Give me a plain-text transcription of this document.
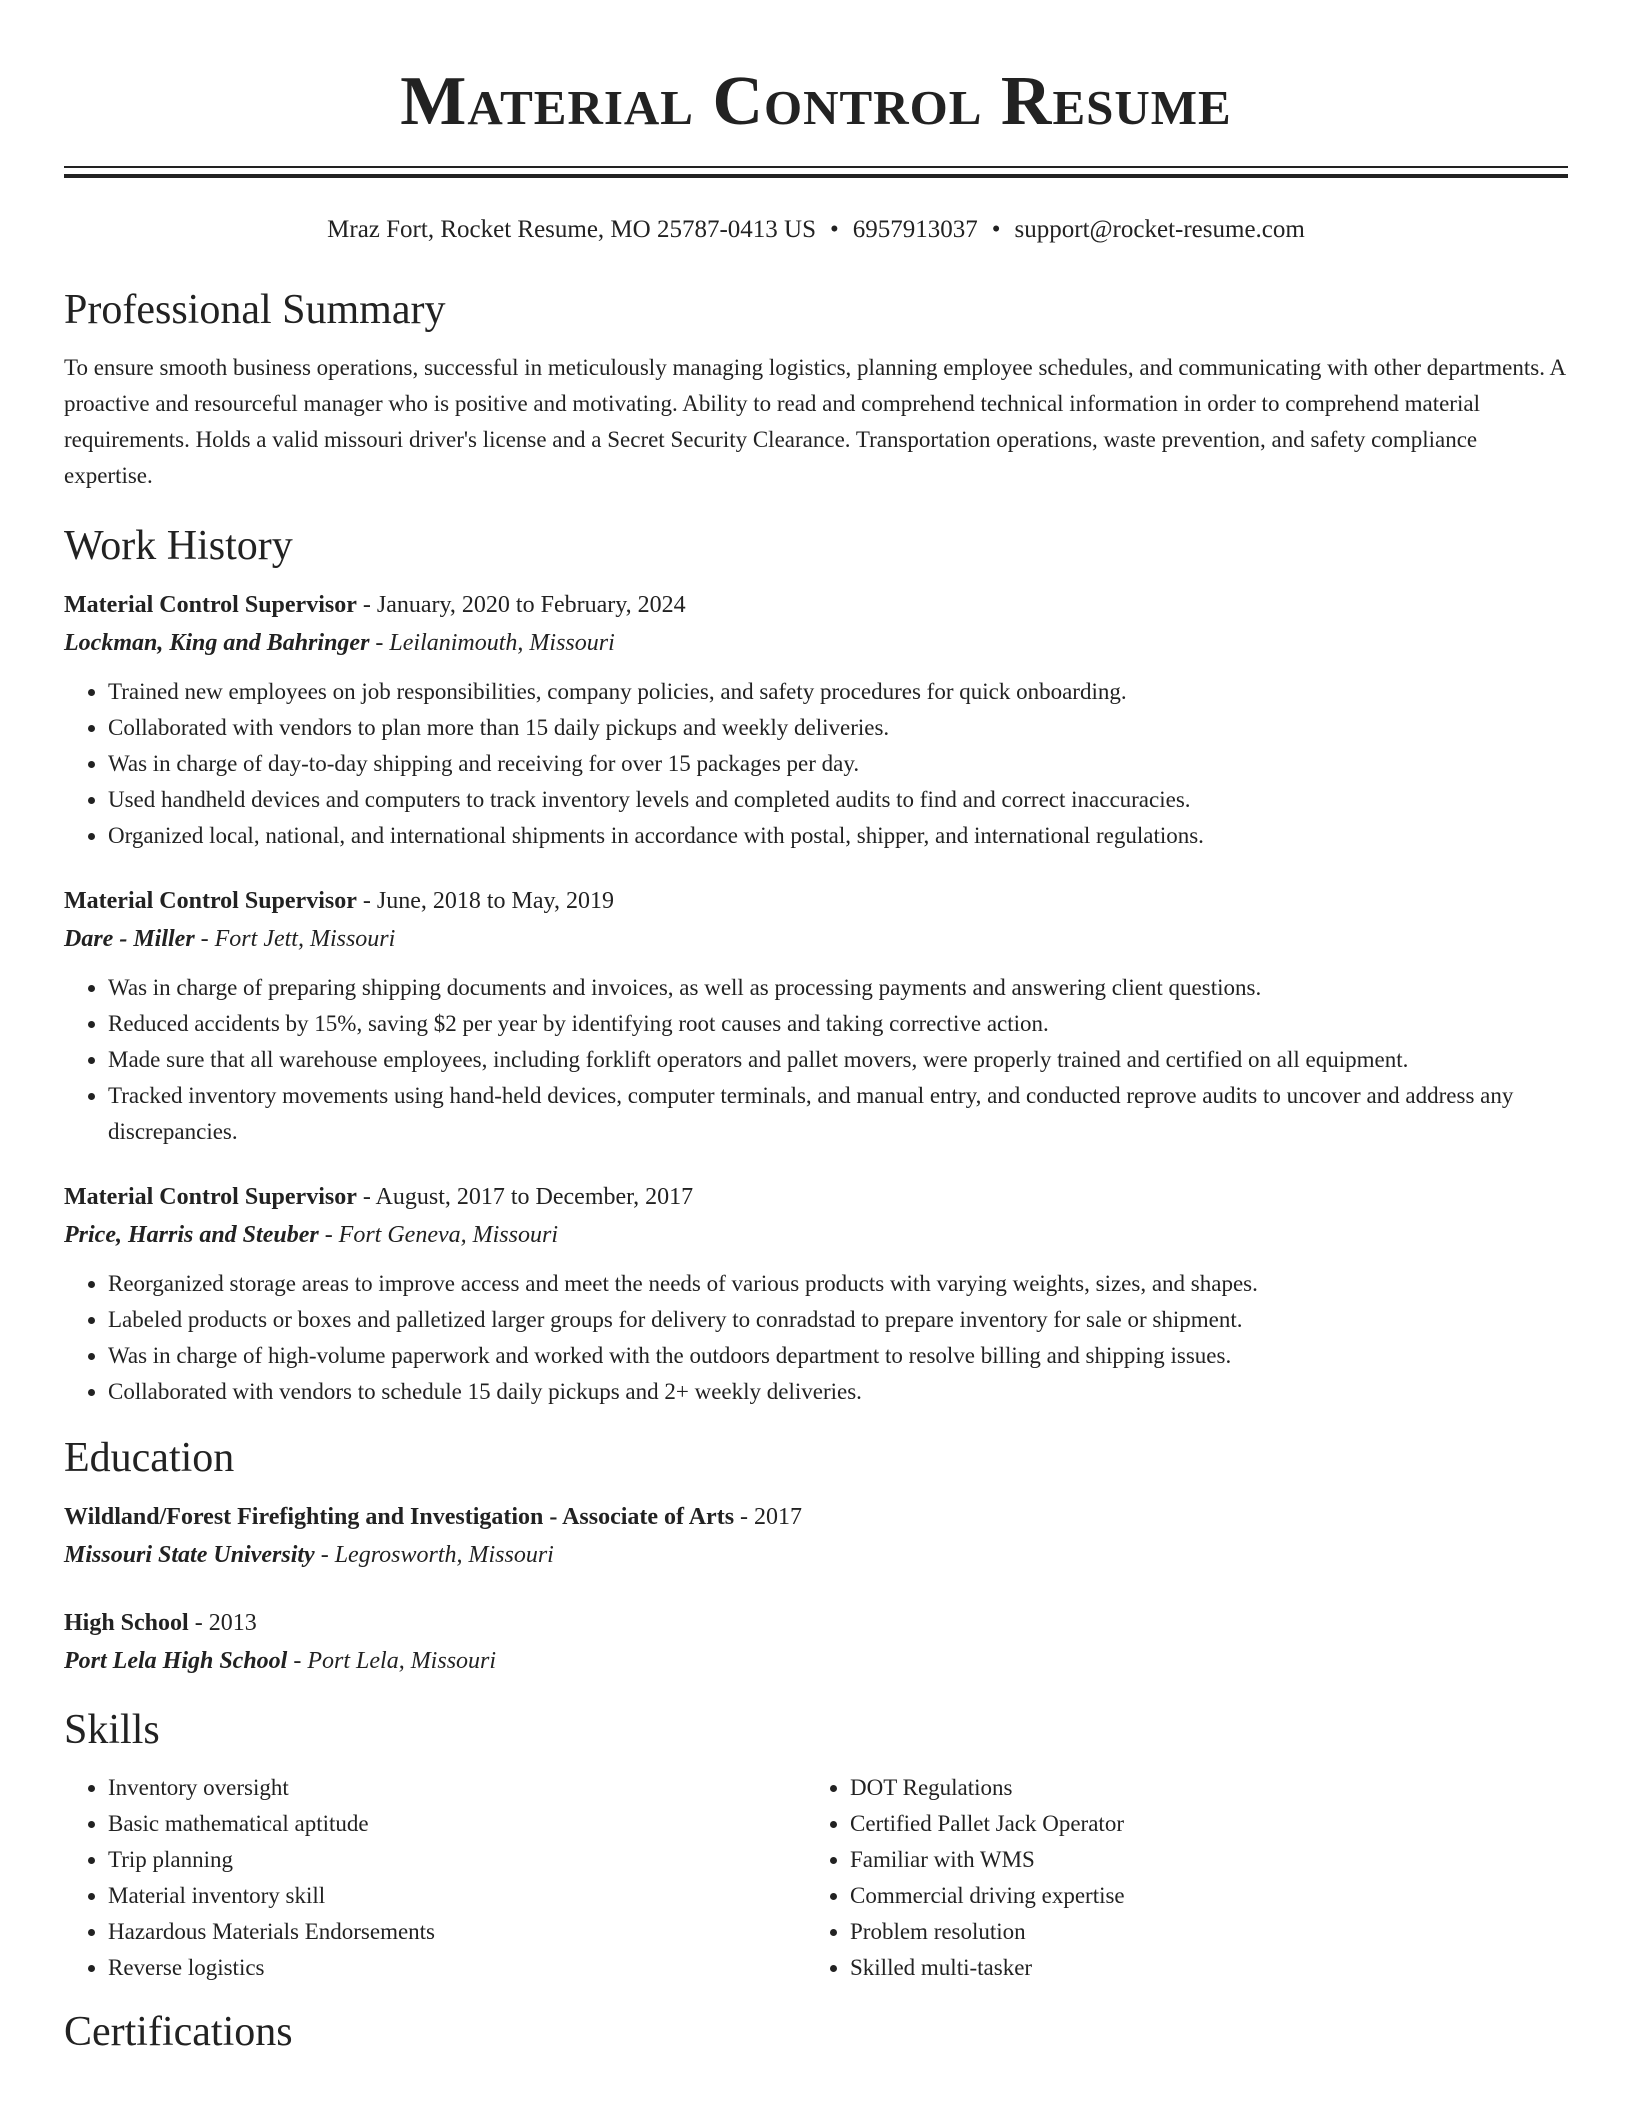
Material Control Resume
Mraz Fort, Rocket Resume, MO 25787-0413 US • 6957913037 • support@rocket-resume.com
Professional Summary

To ensure smooth business operations, successful in meticulously managing logistics, planning employee schedules, and communicating with other departments. A proactive and resourceful manager who is positive and motivating. Ability to read and comprehend technical information in order to comprehend material requirements. Holds a valid missouri driver's license and a Secret Security Clearance. Transportation operations, waste prevention, and safety compliance expertise.

Work History
Material Control Supervisor - January, 2020 to February, 2024
Lockman, King and Bahringer - Leilanimouth, Missouri
• Trained new employees on job responsibilities, company policies, and safety procedures for quick onboarding.
• Collaborated with vendors to plan more than 15 daily pickups and weekly deliveries.
• Was in charge of day-to-day shipping and receiving for over 15 packages per day.
• Used handheld devices and computers to track inventory levels and completed audits to find and correct inaccuracies.
• Organized local, national, and international shipments in accordance with postal, shipper, and international regulations.
Material Control Supervisor - June, 2018 to May, 2019
Dare - Miller - Fort Jett, Missouri
• Was in charge of preparing shipping documents and invoices, as well as processing payments and answering client questions.
• Reduced accidents by 15%, saving $2 per year by identifying root causes and taking corrective action.
• Made sure that all warehouse employees, including forklift operators and pallet movers, were properly trained and certified on all equipment.
• Tracked inventory movements using hand-held devices, computer terminals, and manual entry, and conducted reprove audits to uncover and address any discrepancies.
Material Control Supervisor - August, 2017 to December, 2017
Price, Harris and Steuber - Fort Geneva, Missouri
• Reorganized storage areas to improve access and meet the needs of various products with varying weights, sizes, and shapes.
• Labeled products or boxes and palletized larger groups for delivery to conradstad to prepare inventory for sale or shipment.
• Was in charge of high-volume paperwork and worked with the outdoors department to resolve billing and shipping issues.
• Collaborated with vendors to schedule 15 daily pickups and 2+ weekly deliveries.
Education
Wildland/Forest Firefighting and Investigation - Associate of Arts - 2017
Missouri State University - Legrosworth, Missouri
High School - 2013
Port Lela High School - Port Lela, Missouri
Skills
• Inventory oversight
• Basic mathematical aptitude
• Trip planning
• Material inventory skill
• Hazardous Materials Endorsements
• Reverse logistics
• DOT Regulations
• Certified Pallet Jack Operator
• Familiar with WMS
• Commercial driving expertise
• Problem resolution
• Skilled multi-tasker
Certifications
